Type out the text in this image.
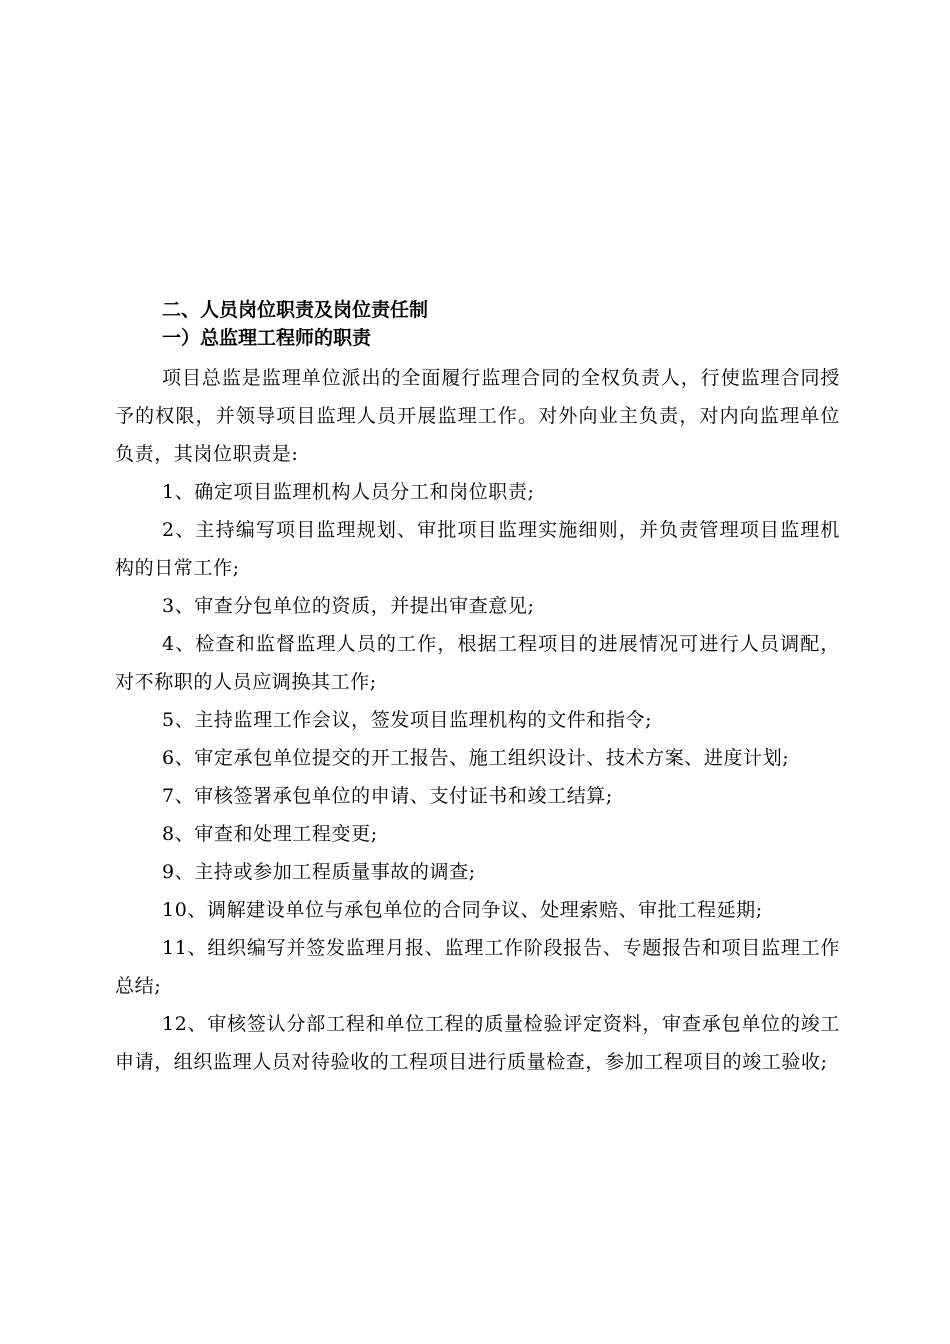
二、人员岗位职责及岗位责任制

一）总监理工程师的职责

项目总监是监理单位派出的全面履行监理合同的全权负责人，行使监理合同授予的权限，并领导项目监理人员开展监理工作。对外向业主负责，对内向监理单位负责，其岗位职责是:

1、确定项目监理机构人员分工和岗位职责;

2、主持编写项目监理规划、审批项目监理实施细则，并负责管理项目监理机构的日常工作;

3、审查分包单位的资质，并提出审查意见;

4、检查和监督监理人员的工作，根据工程项目的进展情况可进行人员调配，对不称职的人员应调换其工作;

5、主持监理工作会议，签发项目监理机构的文件和指令;

6、审定承包单位提交的开工报告、施工组织设计、技术方案、进度计划;

7、审核签署承包单位的申请、支付证书和竣工结算;

8、审查和处理工程变更;

9、主持或参加工程质量事故的调查;

10、调解建设单位与承包单位的合同争议、处理索赔、审批工程延期;

11、组织编写并签发监理月报、监理工作阶段报告、专题报告和项目监理工作总结;

12、审核签认分部工程和单位工程的质量检验评定资料，审查承包单位的竣工申请，组织监理人员对待验收的工程项目进行质量检查，参加工程项目的竣工验收;
